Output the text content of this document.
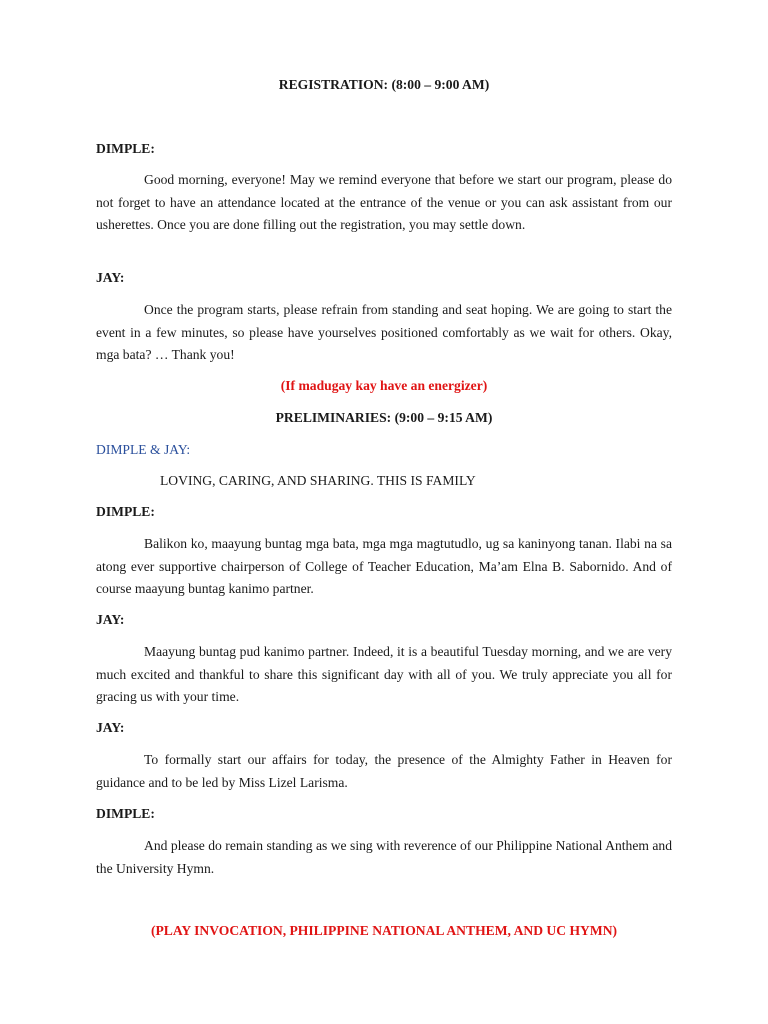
REGISTRATION: (8:00 – 9:00 AM)
DIMPLE:

Good morning, everyone! May we remind everyone that before we start our program, please do not forget to have an attendance located at the entrance of the venue or you can ask assistant from our usherettes. Once you are done filling out the registration, you may settle down.

JAY:

Once the program starts, please refrain from standing and seat hoping. We are going to start the event in a few minutes, so please have yourselves positioned comfortably as we wait for others. Okay, mga bata? … Thank you!

(If madugay kay have an energizer)
PRELIMINARIES: (9:00 – 9:15 AM)
DIMPLE & JAY:
LOVING, CARING, AND SHARING. THIS IS FAMILY
DIMPLE:

Balikon ko, maayung buntag mga bata, mga mga magtutudlo, ug sa kaninyong tanan. Ilabi na sa atong ever supportive chairperson of College of Teacher Education, Ma’am Elna B. Sabornido. And of course maayung buntag kanimo partner.

JAY:

Maayung buntag pud kanimo partner. Indeed, it is a beautiful Tuesday morning, and we are very much excited and thankful to share this significant day with all of you. We truly appreciate you all for gracing us with your time.

JAY:

To formally start our affairs for today, the presence of the Almighty Father in Heaven for guidance and to be led by Miss Lizel Larisma.

DIMPLE:

And please do remain standing as we sing with reverence of our Philippine National Anthem and the University Hymn.

(PLAY INVOCATION, PHILIPPINE NATIONAL ANTHEM, AND UC HYMN)
